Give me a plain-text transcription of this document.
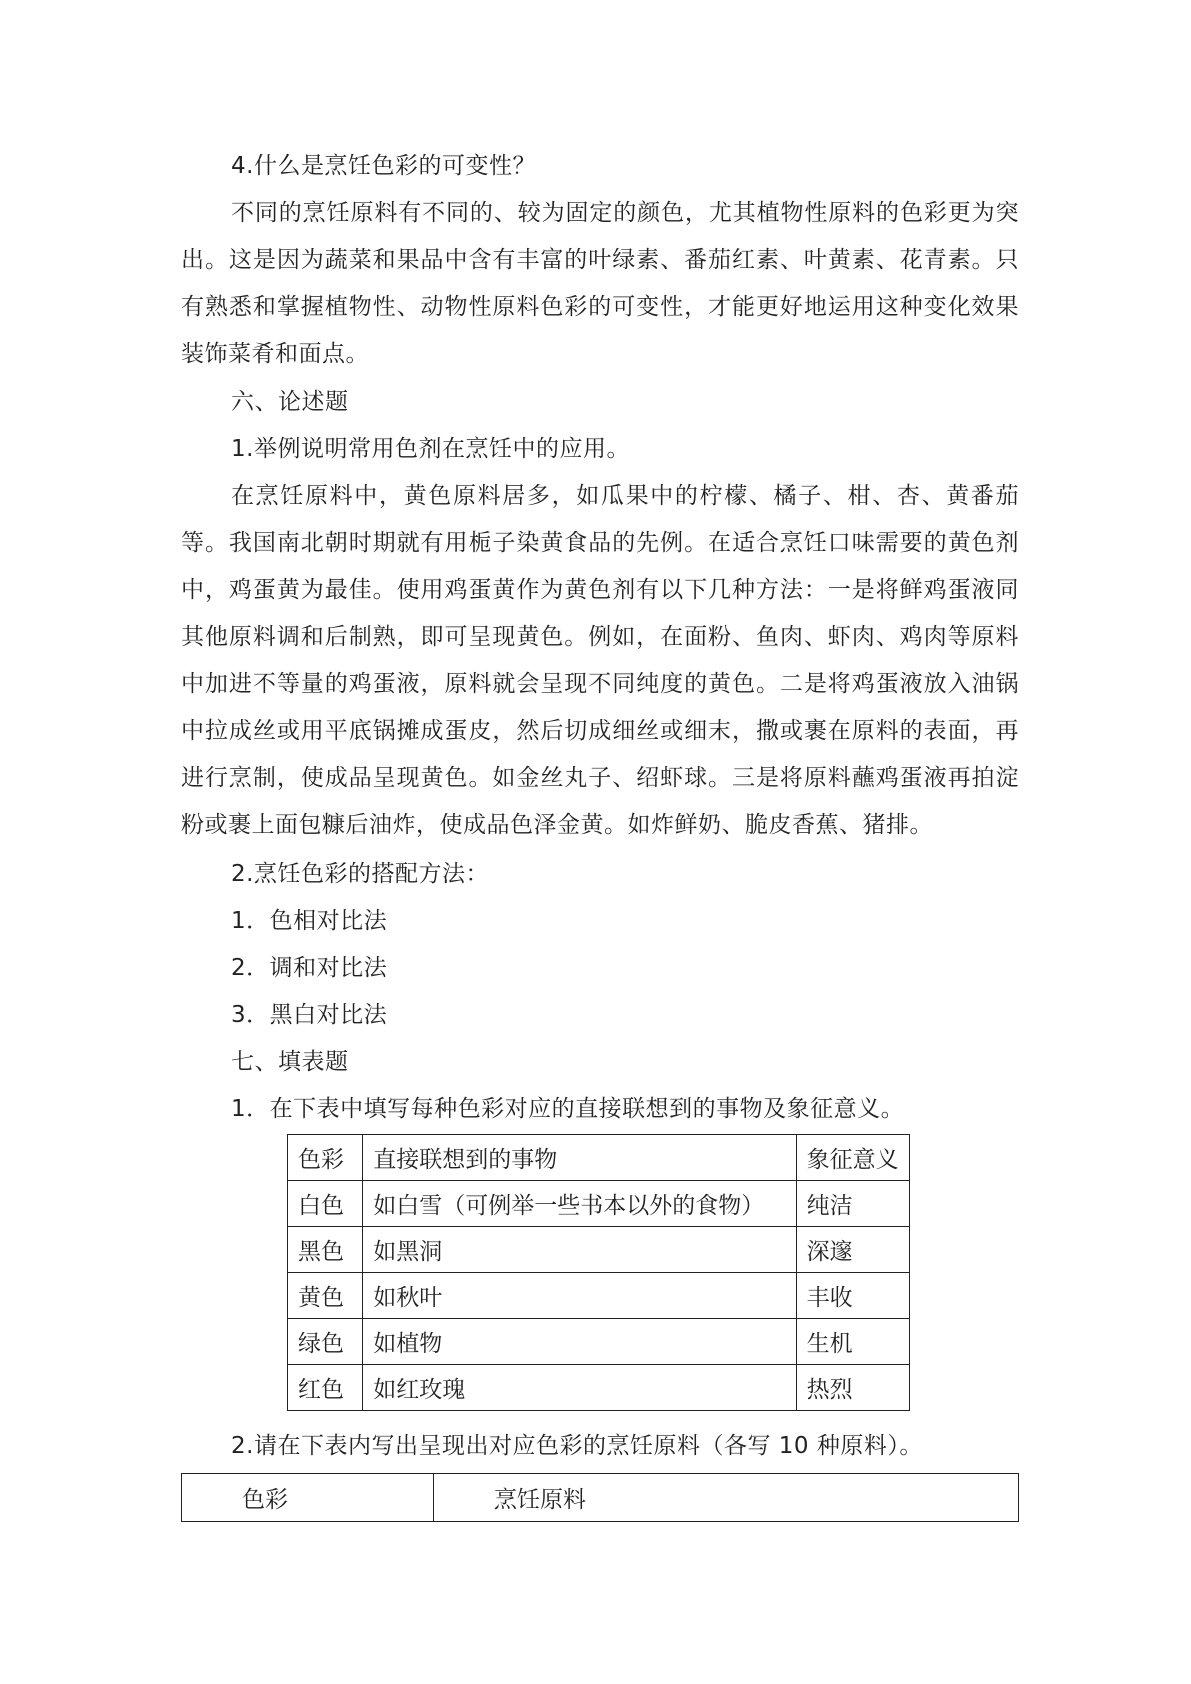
4.什么是烹饪色彩的可变性？

不同的烹饪原料有不同的、较为固定的颜色，尤其植物性原料的色彩更为突出。这是因为蔬菜和果品中含有丰富的叶绿素、番茄红素、叶黄素、花青素。只有熟悉和掌握植物性、动物性原料色彩的可变性，才能更好地运用这种变化效果装饰菜肴和面点。

六、论述题

1.举例说明常用色剂在烹饪中的应用。

在烹饪原料中，黄色原料居多，如瓜果中的柠檬、橘子、柑、杏、黄番茄等。我国南北朝时期就有用栀子染黄食品的先例。在适合烹饪口味需要的黄色剂中，鸡蛋黄为最佳。使用鸡蛋黄作为黄色剂有以下几种方法：一是将鲜鸡蛋液同其他原料调和后制熟，即可呈现黄色。例如，在面粉、鱼肉、虾肉、鸡肉等原料中加进不等量的鸡蛋液，原料就会呈现不同纯度的黄色。二是将鸡蛋液放入油锅中拉成丝或用平底锅摊成蛋皮，然后切成细丝或细末，撒或裹在原料的表面，再进行烹制，使成品呈现黄色。如金丝丸子、绍虾球。三是将原料蘸鸡蛋液再拍淀粉或裹上面包糠后油炸，使成品色泽金黄。如炸鲜奶、脆皮香蕉、猪排。

2.烹饪色彩的搭配方法：

1．色相对比法

2．调和对比法

3．黑白对比法

七、填表题

1．在下表中填写每种色彩对应的直接联想到的事物及象征意义。

色彩	直接联想到的事物	象征意义
白色	如白雪（可例举一些书本以外的食物）	纯洁
黑色	如黑洞	深邃
黄色	如秋叶	丰收
绿色	如植物	生机
红色	如红玫瑰	热烈

2.请在下表内写出呈现出对应色彩的烹饪原料（各写 10 种原料）。

色彩	烹饪原料
